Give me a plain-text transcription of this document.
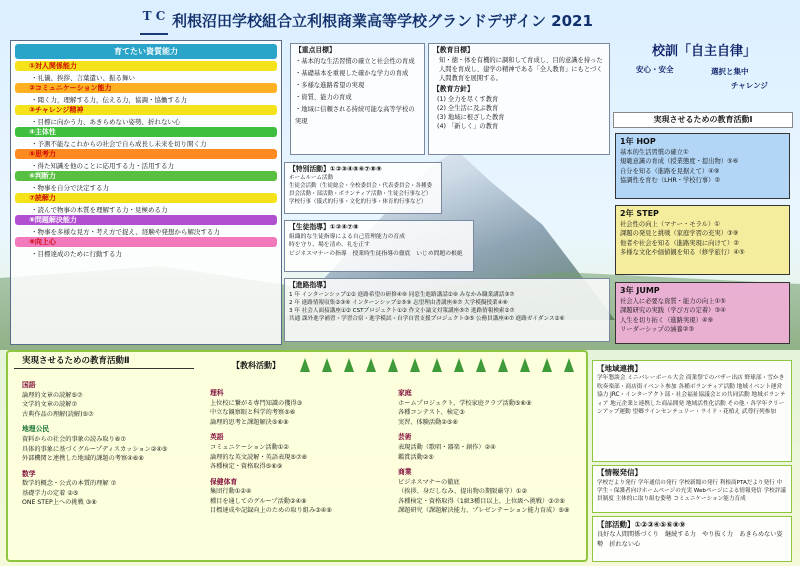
T C 利根沼田学校組合立利根商業高等学校グランドデザイン 2021
育てたい資質能力
①対人関係能力
・礼儀、挨拶、言葉遣い、振る舞い
②コミュニケーション能力
・聞く力，理解する力，伝える力，協調・協働する力
③チャレンジ精神
・目標に向かう力、あきらめない姿勢、折れない心
④主体性
・予測不能なこれからの社会で自ら成長し未来を切り開く力
⑤思考力
・得た知識を他のことに応用する力・活用する力
⑥判断力
・物事を自分で決定する力
⑦読解力
・読んで物事の本質を理解する力・見極める力
⑧問題解決能力
・物事を多様な見方・考え方で捉え、経験や発想から解決する力
⑨向上心
・目標達成のために行動する力
【重点目標】
・基本的な生活習慣の確立と社会性の育成
・基礎基本を重視した確かな学力の育成
・多様な進路希望の実現
・資質、能力の育成
・地域に信頼される持続可能な高等学校の実現
【教育目標】
知・徳・体を有機的に調和して育成し、目的意識を持った人間を育成し、建学の精神である「全人教育」にもとづく人間教育を展開する。
【教育方針】
(1) 全力を尽くす教育
(2) 全生活に及ぶ教育
(3) 地域に根ざした教育
(4) 「新しく」の教育
校訓「自主自律」
安心・安全	選択と集中
チャレンジ
実現させるための教育活動Ⅰ
1年 HOP
基本的生活習慣の確立①
規範意識の育成（授業態度・提出物）⑤⑥
自分を知る（進路を見据えて）④⑨
協調性を育む（LHR・学校行事）②
2年 STEP
社会性の向上（マナー・モラル）①
課題の発見と挑戦（家庭学習の充実）③⑨
他者や社会を知る（進路実現に向けて）②
多様な文化や価値観を知る（修学旅行）④⑤
3年 JUMP
社会人に必要な資質・能力の向上①⑤
課題研究の実践（学び方の定着）③④
人生を切り拓く（進路実現）④⑨
リーダーシップの涵養②③
【特別活動】①②③④⑤⑥⑦⑧⑨
ホームルーム活動
生徒会活動（生徒総会・全校委員会・代表委員会・各種委員会活動・部活動・ボランティア活動・生徒会行事など）
学校行事（儀式的行事・文化的行事・体育的行事など）
【生徒指導】①②④⑦⑧
組織的な生徒指導による自己管理能力の育成
時を守り、場を清め、礼を正す
ビジネスマナーの指導　授業時生徒指導の徹底　いじめ問題の根絶
【進路指導】
1 年 インターンシップ①② 進路希望の研修④⑨ 同窓生進路講話②⑨ みなかみ職業講話③⑦
2 年 進路情報収集②③⑥ インターンシップ①⑤⑨ 志望理由書講座⑥⑦ 大学模擬授業④⑧
3 年 社会人面接講座①② CSTプロジェクト①② 作文小論文対策講座⑤⑦ 進路情報検索②⑦
共通 課外進学補習・学習合宿・進学模試・自学自習支援プロジェクト③⑤ 公務員講座④⑦ 進路ガイダンス②⑥
実現させるための教育活動Ⅱ	【教科活動】
国語
論理的文章の読解⑤⑦
文学的文章の読解⑦
古典作品の理解(読解)⑤⑦
地理公民
資料からの社会的事象の読み取り⑥⑦
具体的事象に基づくグループディスカッション②④⑤
外部機関と連携した地域的課題の考察④⑥⑧
数学
数学的概念・公式の本質的理解 ⑦
基礎学力の定着 ②⑤
ONE STEP上への挑戦 ③⑧
理科
上位校に繋がる専門知識の獲得③
中立な観察眼と科学的考察⑤⑥
論理的思考と課題解決⑤⑥⑧
英語
コミュニケーション活動①②
論理的な英文読解・英語表現⑤⑦⑧
各種検定・資格取得⑤⑥⑨
保健体育
集団行動①②④
種目を通してのグループ活動②④⑧
目標達成や記録向上のための取り組み③④⑨
家庭
ホームプロジェクト、学校家庭クラブ活動⑤⑥⑧
各種コンテスト、検定③
実習、体験活動②⑤⑧
芸術
表現活動（歌唱・器楽・創作）②④
鑑賞活動②⑤
商業
ビジネスマナーの徹底
（挨拶、身だしなみ、提出物の期限厳守）①②
各種検定・資格取得（1級3種目以上、上位級へ挑戦）③⑦⑨
課題研究（課題解決能力、プレゼンテーション能力育成）⑤⑧
【地域連携】
学年懇談会 ミニバレーボール大会 商業祭でのバザー出店 野球部・雪かき 吹奏楽部・商店街イベント参加 各種ボランティア活動 地域イベント運営協力 JRC・インターアクト部・社会福祉協議会との共同活動 地域ボランティア 地元企業と連携した商品開発 地域活性化活動 その他・各学年クリーンアップ運動 望郷ラインセンテュリー・ライド・花植え 武尊行列参加
【情報発信】
学校だより発行 学年通信の発行 学校新聞の発行 利根商PTAだより発行 中学生・保護者向けホームページの充実 Webページによる情報発信 学校評議員制度 主体的に取り組む姿勢 コミュニケーション能力育成
【部活動】①②③④⑤⑥⑧⑨
良好な人間関係づくり　継続する力　やり抜く力　あきらめない姿勢　折れない心
